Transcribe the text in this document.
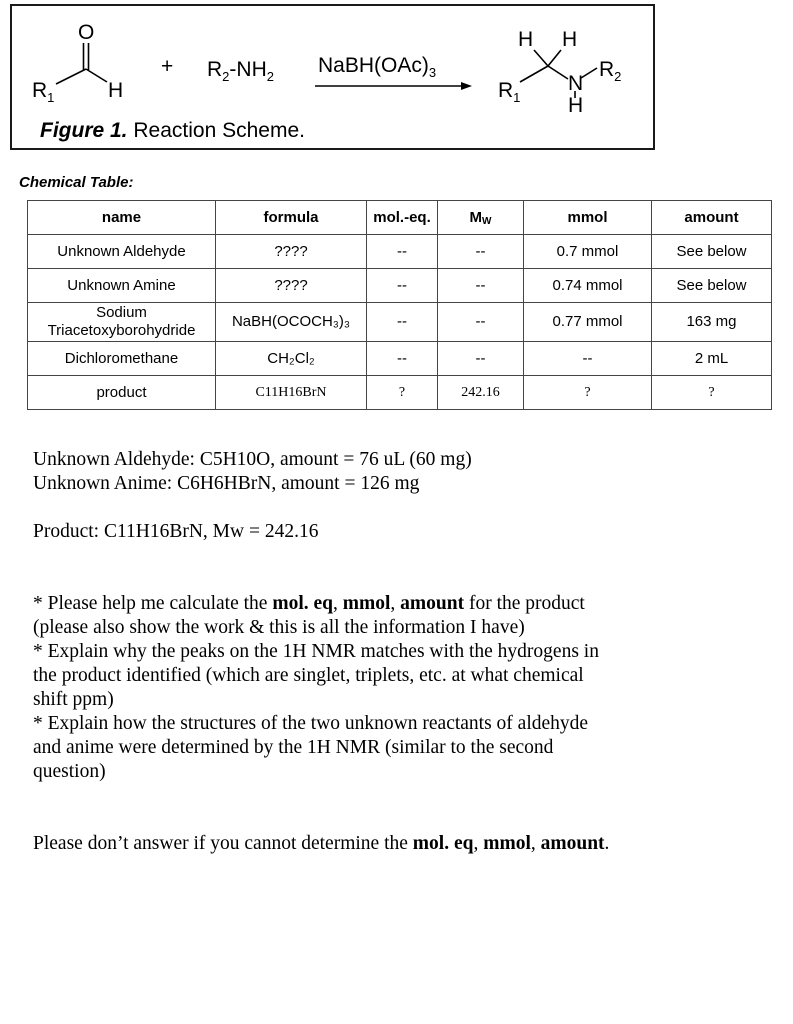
O
$R_1$	H
+ $R_2-NH_2$ $NaBH(OAc)_3$
H H
$R_1$
N
H
$R_2$
Figure 1. Reaction Scheme.
Chemical Table:
name	formula	mol.-eq.	MW	mmol	amount
Unknown Aldehyde	????	--	--	0.7 mmol	See below
Unknown Amine	????	--	--	0.74 mmol	See below
Sodium
Triacetoxyborohydride	NaBH(OCOCH₃)₃	--	--	0.77 mmol	163 mg
Dichloromethane	CH₂Cl₂	--	--	--	2 mL
product	C11H16BrN	?	242.16	?	?
Unknown Aldehyde: C5H10O, amount = 76 uL (60 mg)
Unknown Anime: C6H6HBrN, amount = 126 mg
Product: C11H16BrN, Mw = 242.16

* Please help me calculate the mol. eq, mmol, amount for the product

(please also show the work & this is all the information I have)

* Explain why the peaks on the 1H NMR matches with the hydrogens in

the product identified (which are singlet, triplets, etc. at what chemical

shift ppm)

* Explain how the structures of the two unknown reactants of aldehyde

and anime were determined by the 1H NMR (similar to the second

question)

Please don’t answer if you cannot determine the mol. eq, mmol, amount.
